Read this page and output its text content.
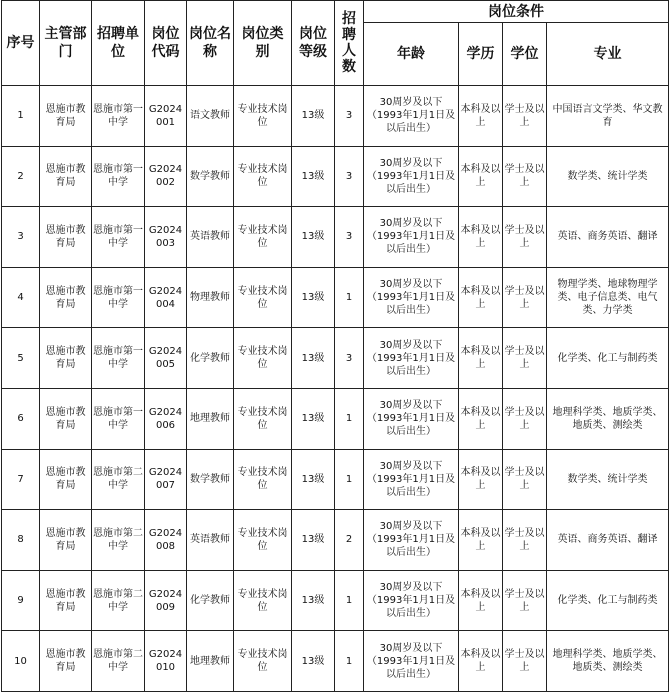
序号	主管部门	招聘单位	岗位代码	岗位名称	岗位类别	岗位等级	招聘人数	岗位条件			
								年龄	学历	学位	专业
1	恩施市教育局	恩施市第一中学	G2024001	语文教师	专业技术岗位	13级	3	30周岁及以下（1993年1月1日及以后出生）	本科及以上	学士及以上	中国语言文学类、华文教育
2	恩施市教育局	恩施市第一中学	G2024002	数学教师	专业技术岗位	13级	3	30周岁及以下（1993年1月1日及以后出生）	本科及以上	学士及以上	数学类、统计学类
3	恩施市教育局	恩施市第一中学	G2024003	英语教师	专业技术岗位	13级	3	30周岁及以下（1993年1月1日及以后出生）	本科及以上	学士及以上	英语、商务英语、翻译
4	恩施市教育局	恩施市第一中学	G2024004	物理教师	专业技术岗位	13级	1	30周岁及以下（1993年1月1日及以后出生）	本科及以上	学士及以上	物理学类、地球物理学类、电子信息类、电气类、力学类
5	恩施市教育局	恩施市第一中学	G2024005	化学教师	专业技术岗位	13级	3	30周岁及以下（1993年1月1日及以后出生）	本科及以上	学士及以上	化学类、化工与制药类
6	恩施市教育局	恩施市第一中学	G2024006	地理教师	专业技术岗位	13级	1	30周岁及以下（1993年1月1日及以后出生）	本科及以上	学士及以上	地理科学类、地质学类、地质类、测绘类
7	恩施市教育局	恩施市第二中学	G2024007	数学教师	专业技术岗位	13级	1	30周岁及以下（1993年1月1日及以后出生）	本科及以上	学士及以上	数学类、统计学类
8	恩施市教育局	恩施市第二中学	G2024008	英语教师	专业技术岗位	13级	2	30周岁及以下（1993年1月1日及以后出生）	本科及以上	学士及以上	英语、商务英语、翻译
9	恩施市教育局	恩施市第二中学	G2024009	化学教师	专业技术岗位	13级	1	30周岁及以下（1993年1月1日及以后出生）	本科及以上	学士及以上	化学类、化工与制药类
10	恩施市教育局	恩施市第二中学	G2024010	地理教师	专业技术岗位	13级	1	30周岁及以下（1993年1月1日及以后出生）	本科及以上	学士及以上	地理科学类、地质学类、地质类、测绘类
